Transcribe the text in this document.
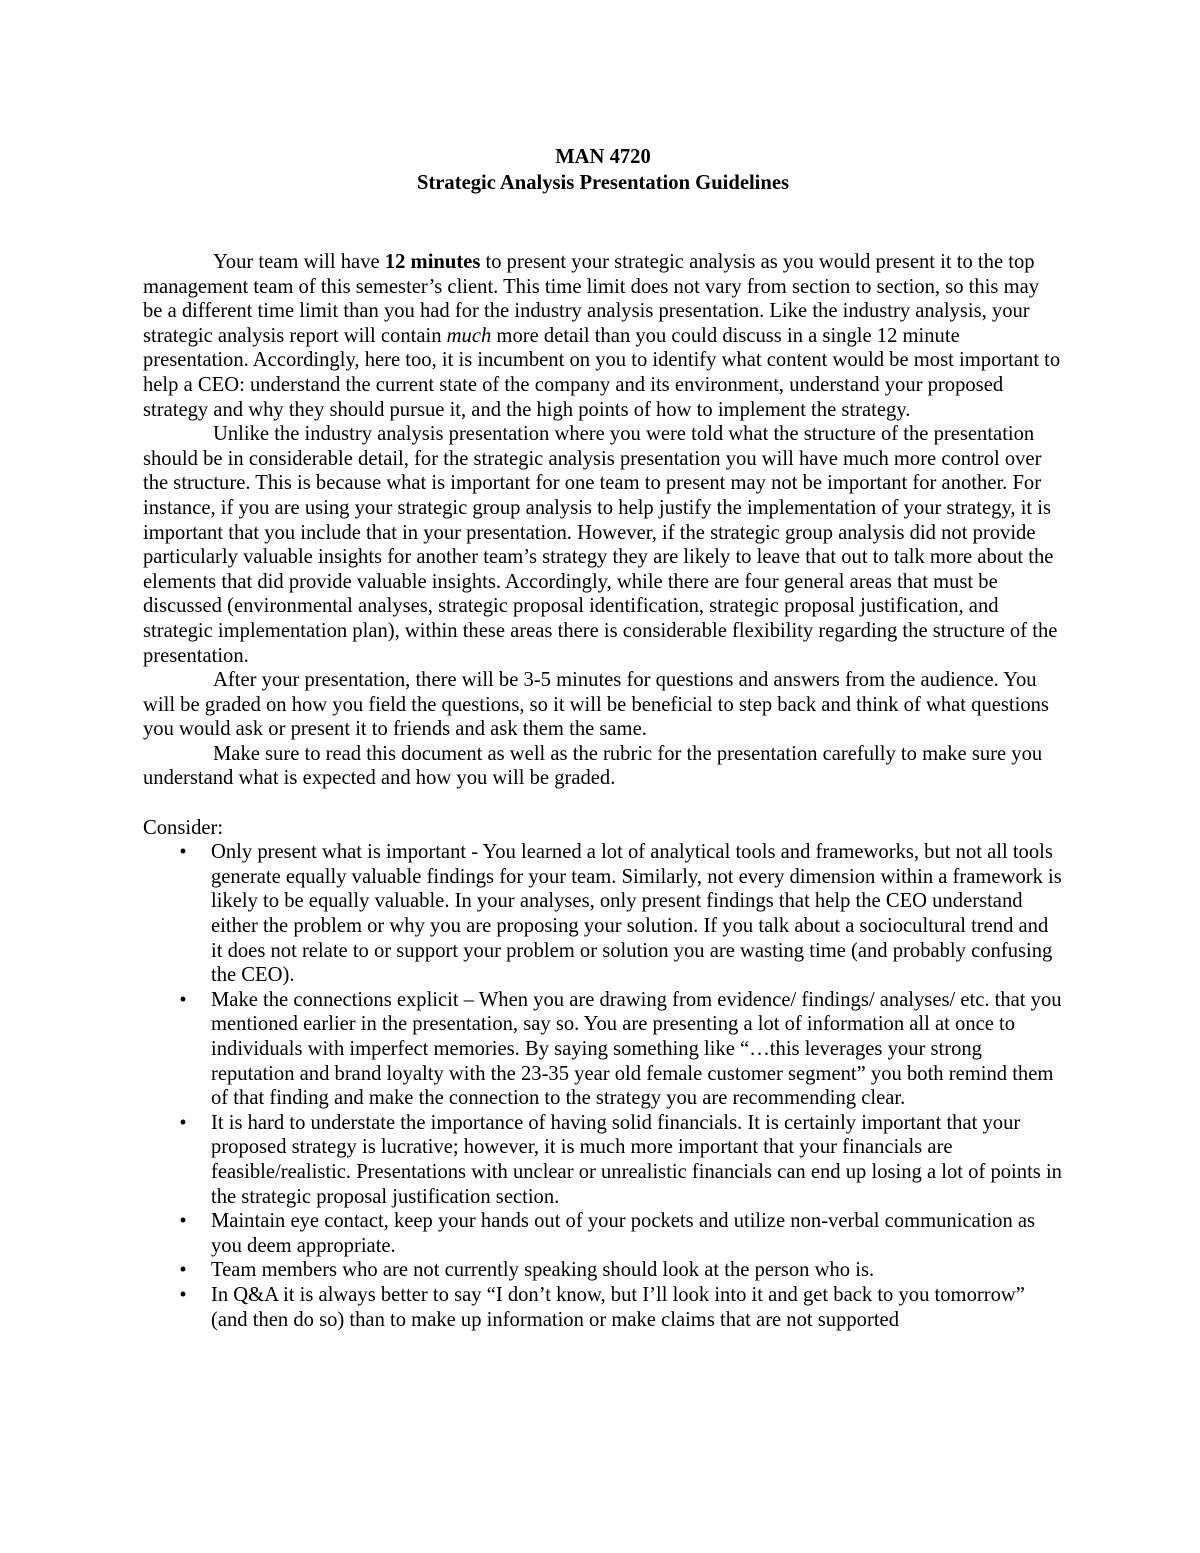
MAN 4720
Strategic Analysis Presentation Guidelines

Your team will have 12 minutes to present your strategic analysis as you would present it to the top management team of this semester’s client. This time limit does not vary from section to section, so this may be a different time limit than you had for the industry analysis presentation. Like the industry analysis, your strategic analysis report will contain much more detail than you could discuss in a single 12 minute presentation. Accordingly, here too, it is incumbent on you to identify what content would be most important to help a CEO: understand the current state of the company and its environment, understand your proposed strategy and why they should pursue it, and the high points of how to implement the strategy.

Unlike the industry analysis presentation where you were told what the structure of the presentation should be in considerable detail, for the strategic analysis presentation you will have much more control over the structure. This is because what is important for one team to present may not be important for another. For instance, if you are using your strategic group analysis to help justify the implementation of your strategy, it is important that you include that in your presentation. However, if the strategic group analysis did not provide particularly valuable insights for another team’s strategy they are likely to leave that out to talk more about the elements that did provide valuable insights. Accordingly, while there are four general areas that must be discussed (environmental analyses, strategic proposal identification, strategic proposal justification, and strategic implementation plan), within these areas there is considerable flexibility regarding the structure of the presentation.

After your presentation, there will be 3-5 minutes for questions and answers from the audience. You will be graded on how you field the questions, so it will be beneficial to step back and think of what questions you would ask or present it to friends and ask them the same.

Make sure to read this document as well as the rubric for the presentation carefully to make sure you understand what is expected and how you will be graded.

Consider:
•	Only present what is important - You learned a lot of analytical tools and frameworks, but not all tools generate equally valuable findings for your team. Similarly, not every dimension within a framework is likely to be equally valuable. In your analyses, only present findings that help the CEO understand either the problem or why you are proposing your solution. If you talk about a sociocultural trend and it does not relate to or support your problem or solution you are wasting time (and probably confusing the CEO).
•	Make the connections explicit – When you are drawing from evidence/ findings/ analyses/ etc. that you mentioned earlier in the presentation, say so. You are presenting a lot of information all at once to individuals with imperfect memories. By saying something like “…this leverages your strong reputation and brand loyalty with the 23-35 year old female customer segment” you both remind them of that finding and make the connection to the strategy you are recommending clear.
•	It is hard to understate the importance of having solid financials. It is certainly important that your proposed strategy is lucrative; however, it is much more important that your financials are feasible/realistic. Presentations with unclear or unrealistic financials can end up losing a lot of points in the strategic proposal justification section.
•	Maintain eye contact, keep your hands out of your pockets and utilize non-verbal communication as you deem appropriate.
•	Team members who are not currently speaking should look at the person who is.
•	In Q&A it is always better to say “I don’t know, but I’ll look into it and get back to you tomorrow” (and then do so) than to make up information or make claims that are not supported
